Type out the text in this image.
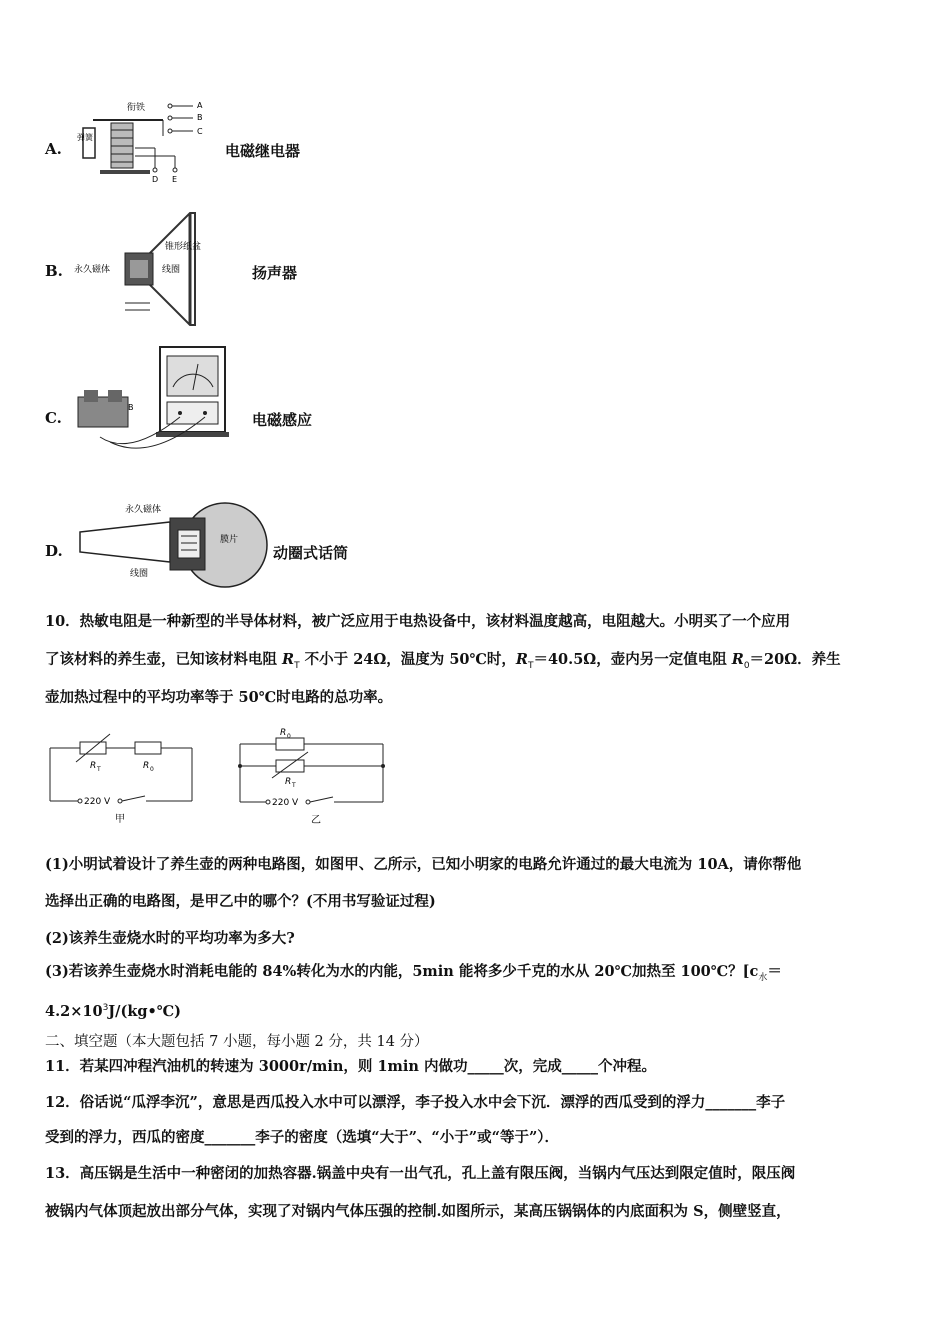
A.
衔铁
弹簧
A
B
C
D E
电磁继电器
B. 永久磁体
锥形纸盆
线圈	扬声器
C.
B
电磁感应
D.
永久磁体
膜片
线圈
动圈式话筒
10．热敏电阻是一种新型的半导体材料，被广泛应用于电热设备中，该材料温度越高，电阻越大。小明买了一个应用
了该材料的养生壶，已知该材料电阻 $R_T$ 不小于 24Ω，温度为 50℃时，$R_T=40.5\Omega$，壶内另一定值电阻 $R_0=20\Omega$．养生
壶加热过程中的平均功率等于 50℃时电路的总功率。
R T	R 0
220 V
甲
R 0
R T
220 V
乙
(1)小明试着设计了养生壶的两种电路图，如图甲、乙所示，已知小明家的电路允许通过的最大电流为 10A，请你帮他
选择出正确的电路图，是甲乙中的哪个？(不用书写验证过程)
(2)该养生壶烧水时的平均功率为多大?
(3)若该养生壶烧水时消耗电能的 84%转化为水的内能，5min 能将多少千克的水从 20℃加热至 100℃？[$c_水=$
$4.2\times 10^3J/(kg•℃)$
二、填空题（本大题包括 7 小题，每小题 2 分，共 14 分）
11．若某四冲程汽油机的转速为 3000r/min，则 1min 内做功_____次，完成_____个冲程。
12．俗话说“瓜浮李沉”，意思是西瓜投入水中可以漂浮，李子投入水中会下沉．漂浮的西瓜受到的浮力_______李子
受到的浮力，西瓜的密度_______李子的密度（选填“大于”、“小于”或“等于”）．
13．高压锅是生活中一种密闭的加热容器.锅盖中央有一出气孔，孔上盖有限压阀，当锅内气压达到限定值时，限压阀
被锅内气体顶起放出部分气体，实现了对锅内气体压强的控制.如图所示，某高压锅锅体的内底面积为 S，侧壁竖直，
